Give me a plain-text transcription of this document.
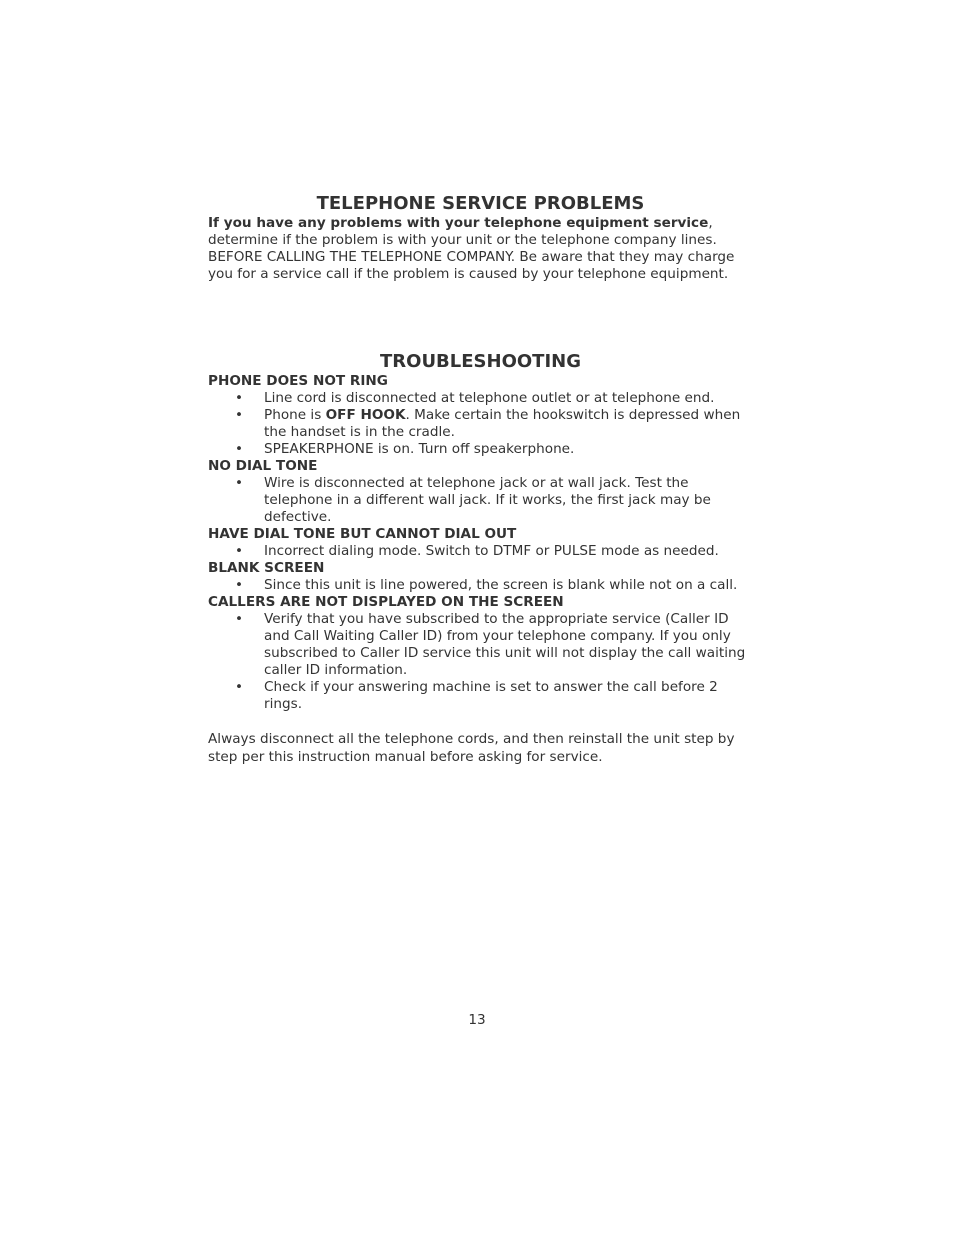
TELEPHONE SERVICE PROBLEMS

If you have any problems with your telephone equipment service,
determine if the problem is with your unit or the telephone company lines. BEFORE CALLING THE TELEPHONE COMPANY. Be aware that they may charge you for a service call if the problem is caused by your telephone equipment.

TROUBLESHOOTING

PHONE DOES NOT RING

• Line cord is disconnected at telephone outlet or at telephone end.
• Phone is OFF HOOK. Make certain the hookswitch is depressed when the handset is in the cradle.
• SPEAKERPHONE is on. Turn off speakerphone.

NO DIAL TONE

• Wire is disconnected at telephone jack or at wall jack. Test the telephone in a different wall jack. If it works, the first jack may be defective.

HAVE DIAL TONE BUT CANNOT DIAL OUT

• Incorrect dialing mode. Switch to DTMF or PULSE mode as needed.

BLANK SCREEN

• Since this unit is line powered, the screen is blank while not on a call.

CALLERS ARE NOT DISPLAYED ON THE SCREEN

• Verify that you have subscribed to the appropriate service (Caller ID and Call Waiting Caller ID) from your telephone company. If you only subscribed to Caller ID service this unit will not display the call waiting caller ID information.
• Check if your answering machine is set to answer the call before 2 rings.

Always disconnect all the telephone cords, and then reinstall the unit step by step per this instruction manual before asking for service.

13
